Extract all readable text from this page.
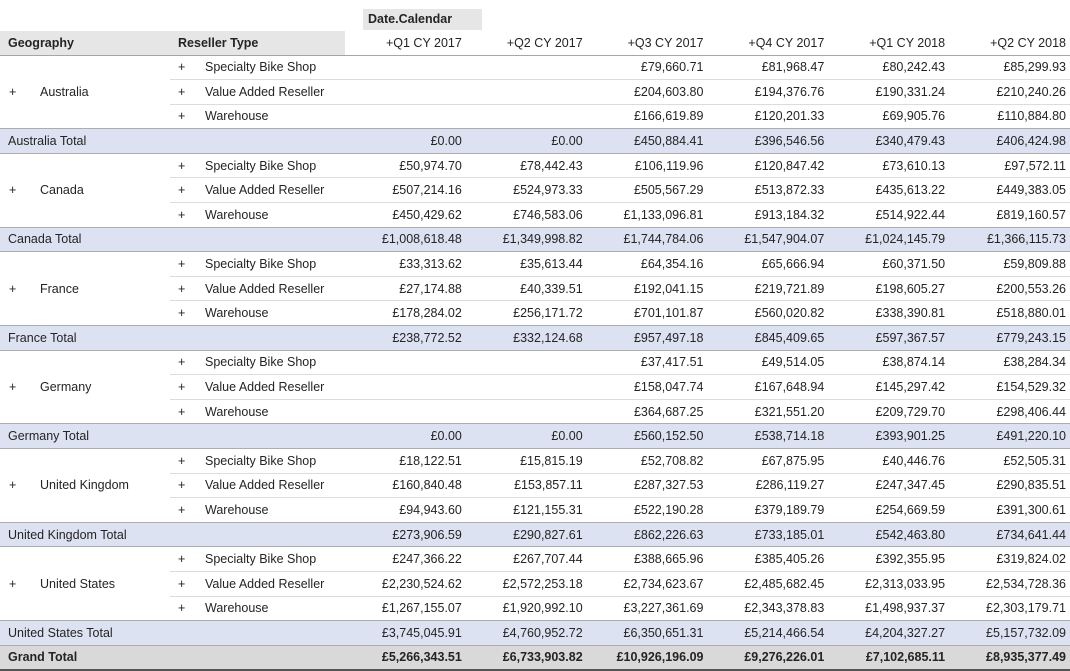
				Date.Calendar					
Geography		Reseller Type		+Q1 CY 2017	+Q2 CY 2017	+Q3 CY 2017	+Q4 CY 2017	+Q1 CY 2018	+Q2 CY 2018
+	Australia	+	Specialty Bike Shop			£79,660.71	£81,968.47	£80,242.43	£85,299.93
		+	Value Added Reseller			£204,603.80	£194,376.76	£190,331.24	£210,240.26
		+	Warehouse			£166,619.89	£120,201.33	£69,905.76	£110,884.80
Australia Total				£0.00	£0.00	£450,884.41	£396,546.56	£340,479.43	£406,424.98
+	Canada	+	Specialty Bike Shop	£50,974.70	£78,442.43	£106,119.96	£120,847.42	£73,610.13	£97,572.11
		+	Value Added Reseller	£507,214.16	£524,973.33	£505,567.29	£513,872.33	£435,613.22	£449,383.05
		+	Warehouse	£450,429.62	£746,583.06	£1,133,096.81	£913,184.32	£514,922.44	£819,160.57
Canada Total				£1,008,618.48	£1,349,998.82	£1,744,784.06	£1,547,904.07	£1,024,145.79	£1,366,115.73
+	France	+	Specialty Bike Shop	£33,313.62	£35,613.44	£64,354.16	£65,666.94	£60,371.50	£59,809.88
		+	Value Added Reseller	£27,174.88	£40,339.51	£192,041.15	£219,721.89	£198,605.27	£200,553.26
		+	Warehouse	£178,284.02	£256,171.72	£701,101.87	£560,020.82	£338,390.81	£518,880.01
France Total				£238,772.52	£332,124.68	£957,497.18	£845,409.65	£597,367.57	£779,243.15
+	Germany	+	Specialty Bike Shop			£37,417.51	£49,514.05	£38,874.14	£38,284.34
		+	Value Added Reseller			£158,047.74	£167,648.94	£145,297.42	£154,529.32
		+	Warehouse			£364,687.25	£321,551.20	£209,729.70	£298,406.44
Germany Total				£0.00	£0.00	£560,152.50	£538,714.18	£393,901.25	£491,220.10
+	United Kingdom	+	Specialty Bike Shop	£18,122.51	£15,815.19	£52,708.82	£67,875.95	£40,446.76	£52,505.31
		+	Value Added Reseller	£160,840.48	£153,857.11	£287,327.53	£286,119.27	£247,347.45	£290,835.51
		+	Warehouse	£94,943.60	£121,155.31	£522,190.28	£379,189.79	£254,669.59	£391,300.61
United Kingdom Total				£273,906.59	£290,827.61	£862,226.63	£733,185.01	£542,463.80	£734,641.44
+	United States	+	Specialty Bike Shop	£247,366.22	£267,707.44	£388,665.96	£385,405.26	£392,355.95	£319,824.02
		+	Value Added Reseller	£2,230,524.62	£2,572,253.18	£2,734,623.67	£2,485,682.45	£2,313,033.95	£2,534,728.36
		+	Warehouse	£1,267,155.07	£1,920,992.10	£3,227,361.69	£2,343,378.83	£1,498,937.37	£2,303,179.71
United States Total				£3,745,045.91	£4,760,952.72	£6,350,651.31	£5,214,466.54	£4,204,327.27	£5,157,732.09
Grand Total				£5,266,343.51	£6,733,903.82	£10,926,196.09	£9,276,226.01	£7,102,685.11	£8,935,377.49
